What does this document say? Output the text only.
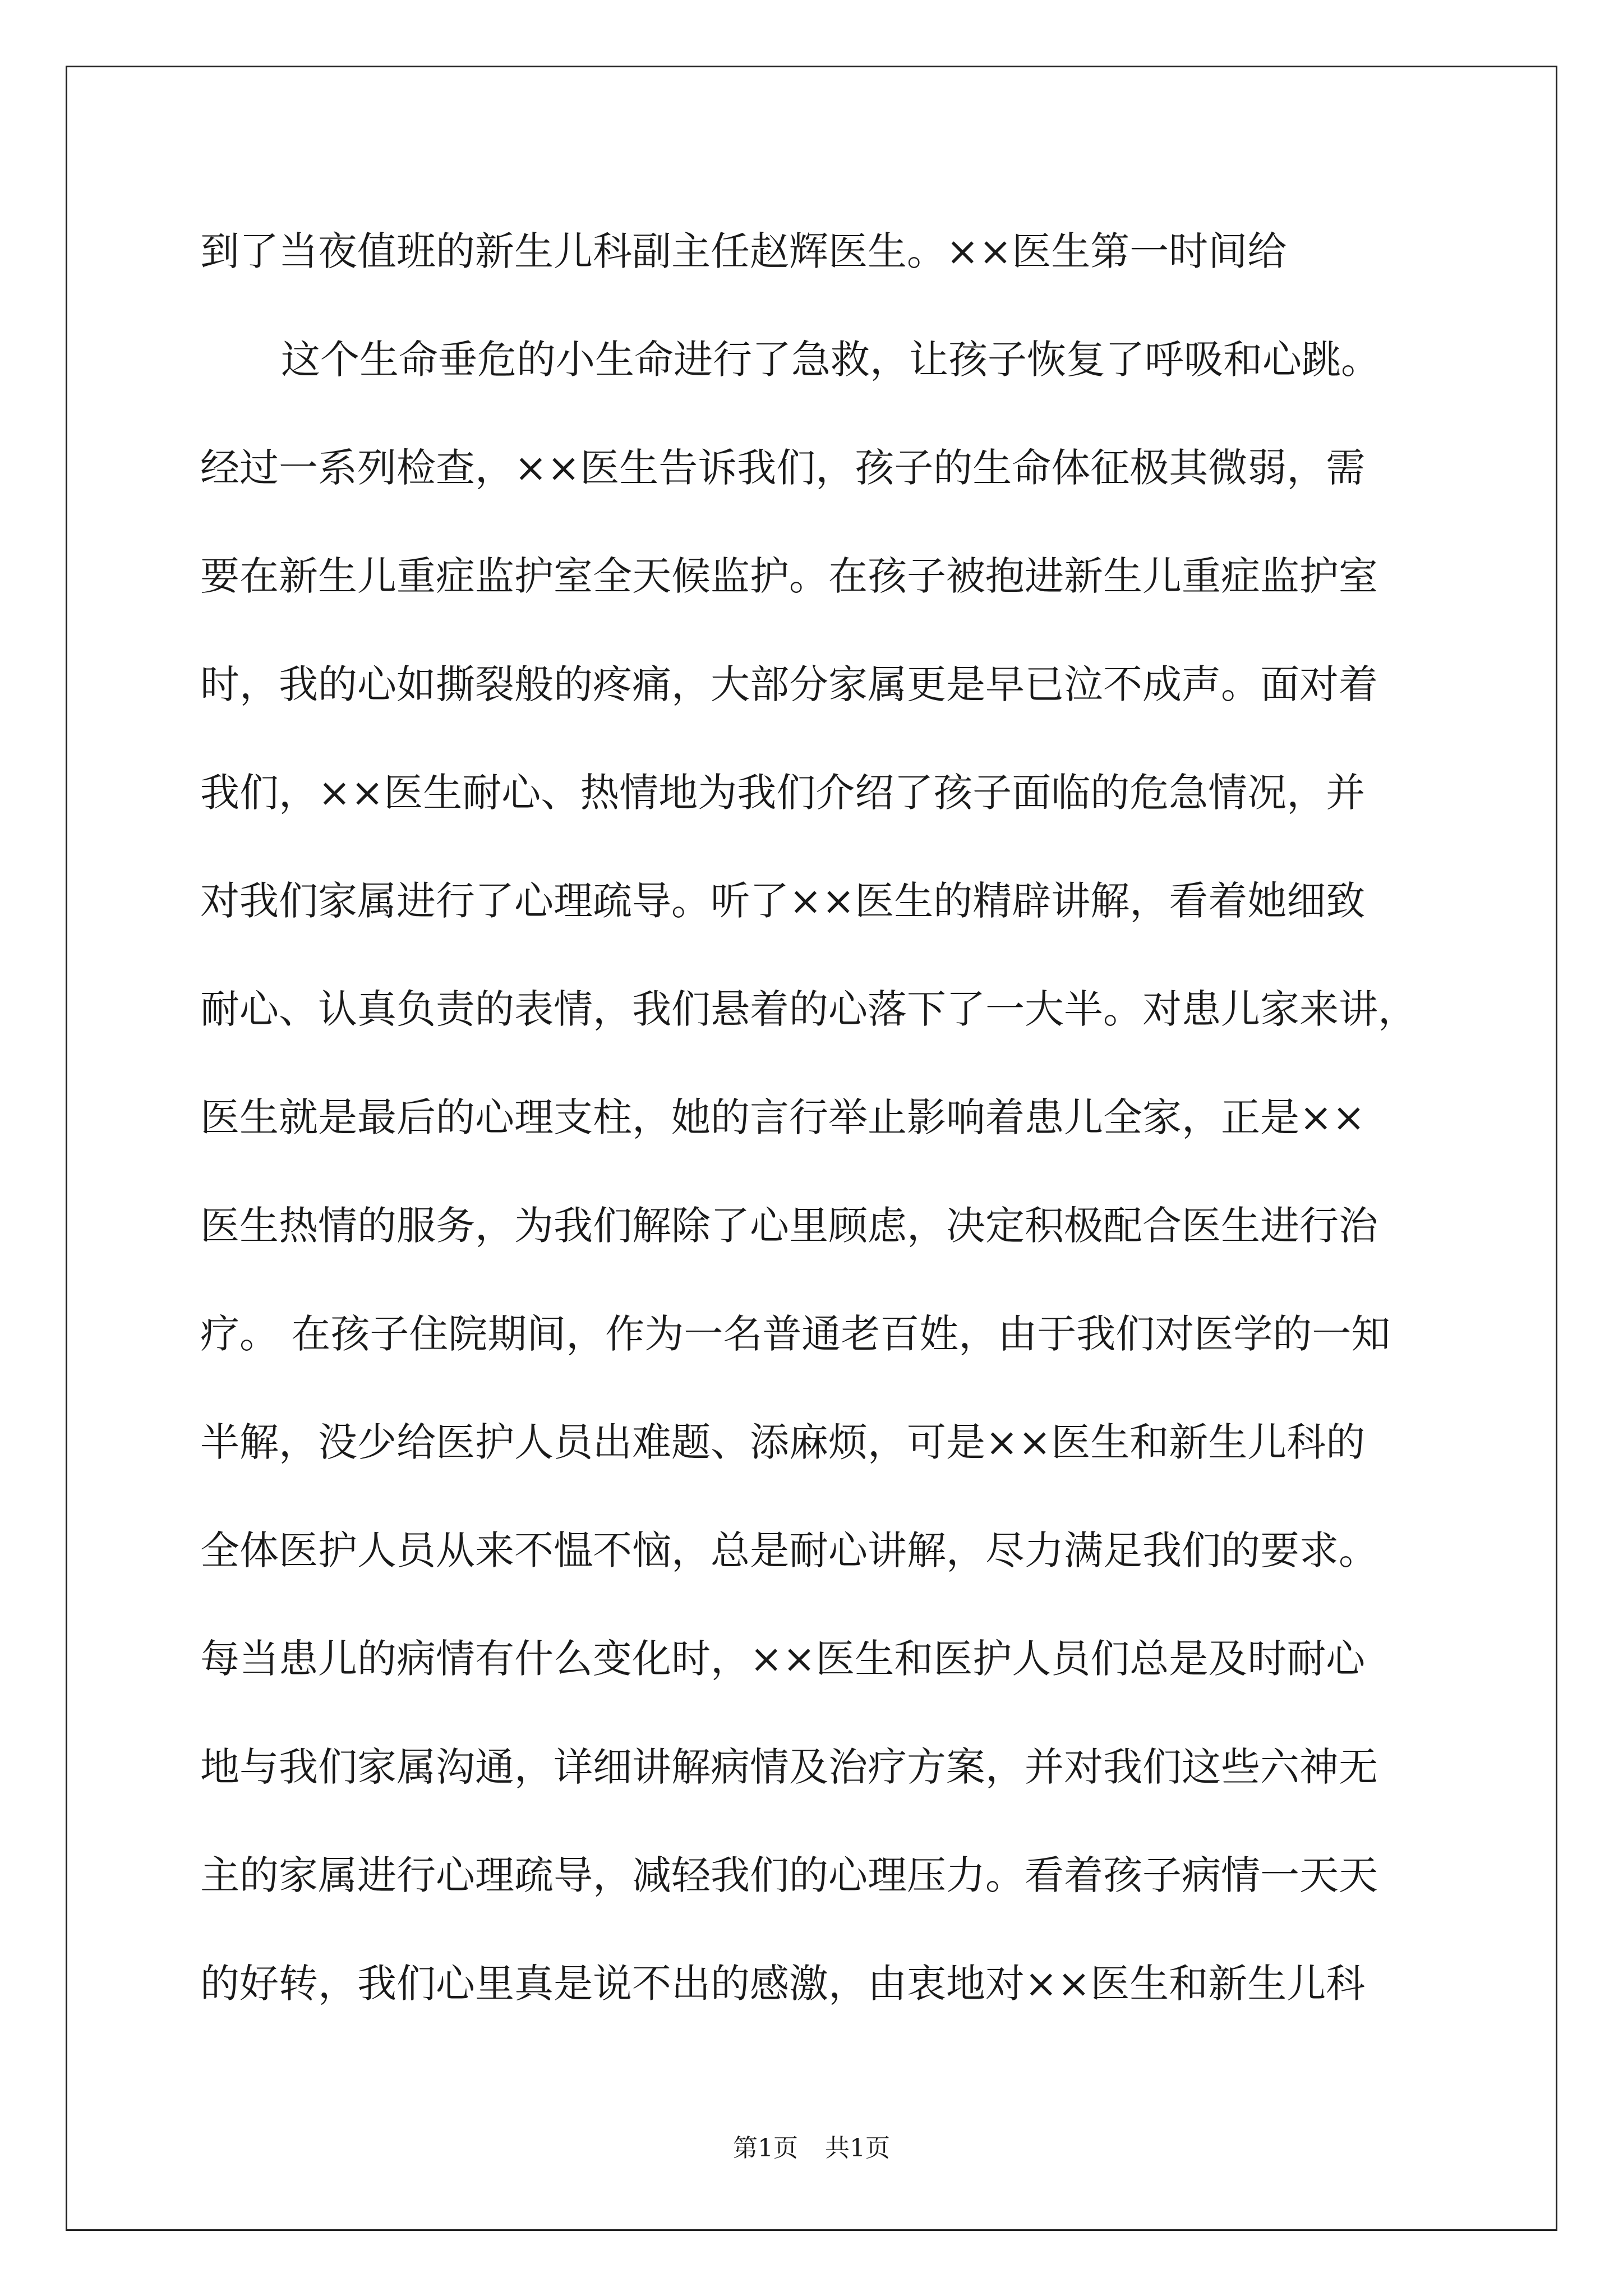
到了当夜值班的新生儿科副主任赵辉医生。××医生第一时间给
这个生命垂危的小生命进行了急救，让孩子恢复了呼吸和心跳。
经过一系列检查，××医生告诉我们，孩子的生命体征极其微弱，需
要在新生儿重症监护室全天候监护。在孩子被抱进新生儿重症监护室
时，我的心如撕裂般的疼痛，大部分家属更是早已泣不成声。面对着
我们，××医生耐心、热情地为我们介绍了孩子面临的危急情况，并
对我们家属进行了心理疏导。听了××医生的精辟讲解，看着她细致
耐心、认真负责的表情，我们悬着的心落下了一大半。对患儿家来讲，
医生就是最后的心理支柱，她的言行举止影响着患儿全家，正是××
医生热情的服务，为我们解除了心里顾虑，决定积极配合医生进行治
疗。 在孩子住院期间，作为一名普通老百姓，由于我们对医学的一知
半解，没少给医护人员出难题、添麻烦，可是××医生和新生儿科的
全体医护人员从来不愠不恼，总是耐心讲解，尽力满足我们的要求。
每当患儿的病情有什么变化时，××医生和医护人员们总是及时耐心
地与我们家属沟通，详细讲解病情及治疗方案，并对我们这些六神无
主的家属进行心理疏导，减轻我们的心理压力。看着孩子病情一天天
的好转，我们心里真是说不出的感激，由衷地对××医生和新生儿科
第1页 共1页
